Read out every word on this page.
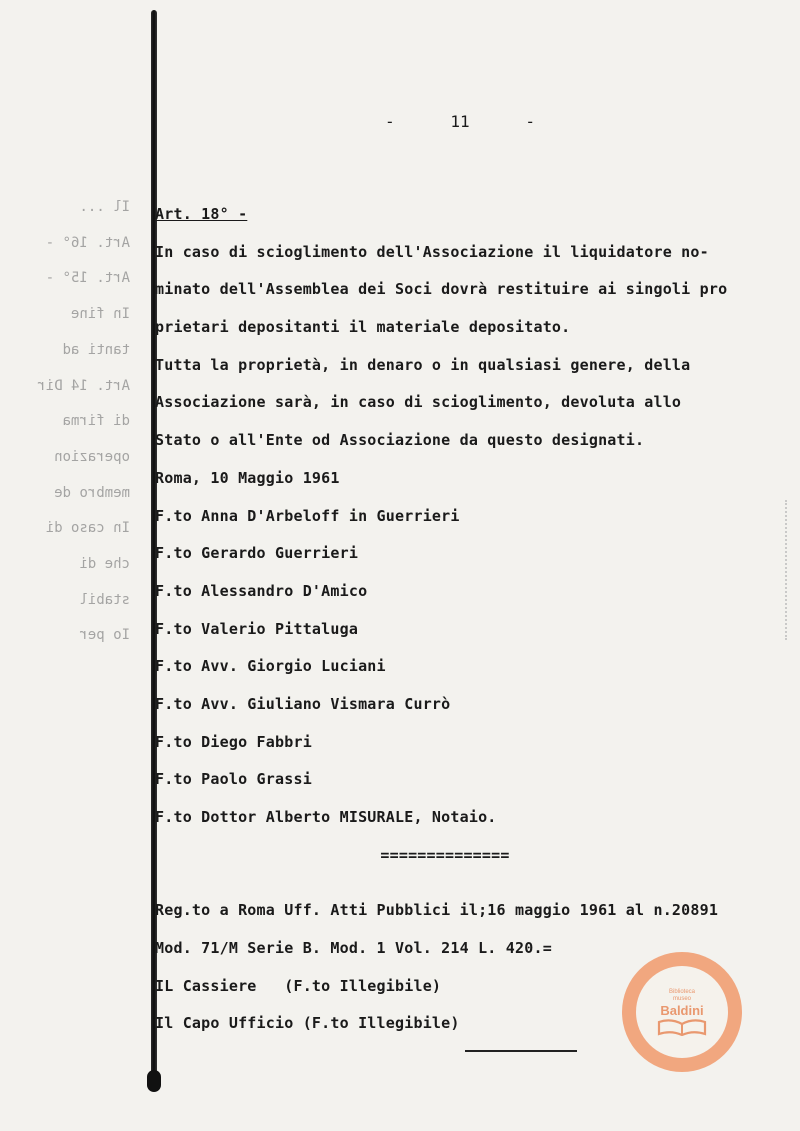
Il ...
Art. 16° -
Art. 15° -
In fine
tanti ad
Art. 14 Dir
di firma
operazion
membro de
In caso di
che di
stabil
Io per
-	11	-
Art. 18° -
In caso di scioglimento dell'Associazione il liquidatore no-
minato dell'Assemblea dei Soci dovrà restituire ai singoli pro
prietari depositanti il materiale depositato.
Tutta la proprietà, in denaro o in qualsiasi genere, della
Associazione sarà, in caso di scioglimento, devoluta allo
Stato o all'Ente od Associazione da questo designati.
Roma, 10 Maggio 1961
F.to Anna D'Arbeloff in Guerrieri
F.to Gerardo Guerrieri
F.to Alessandro D'Amico
F.to Valerio Pittaluga
F.to Avv. Giorgio Luciani
F.to Avv. Giuliano Vismara Currò
F.to Diego Fabbri
F.to Paolo Grassi
F.to Dottor Alberto MISURALE, Notaio.
==============
Reg.to a Roma Uff. Atti Pubblici il;16 maggio 1961 al n.20891
Mod. 71/M Serie B. Mod. 1 Vol. 214 L. 420.=
IL Cassiere   (F.to Illegibile)
Il Capo Ufficio (F.to Illegibile)
Biblioteca
museo
Baldini
